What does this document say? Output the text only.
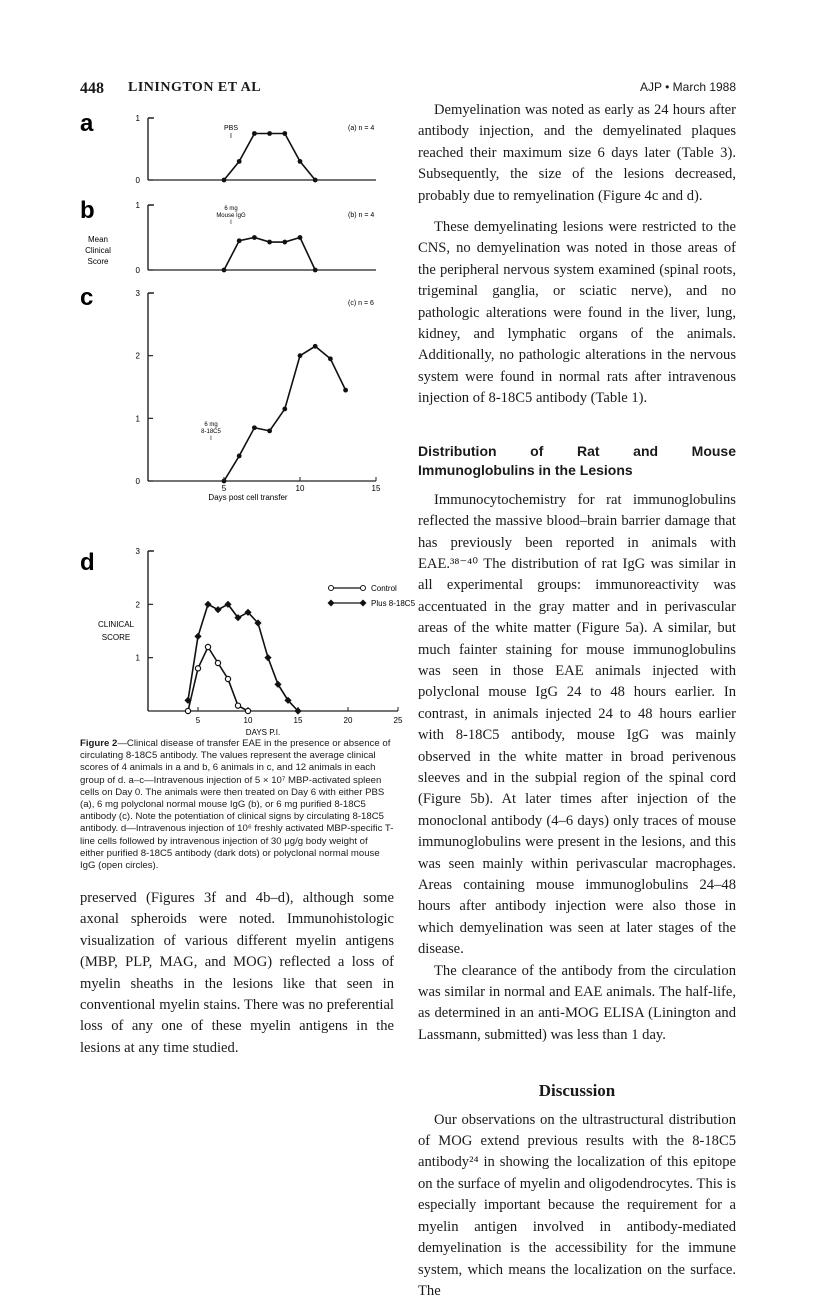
448 LININGTON ET AL	AJP • March 1988
a
b
c
d
0
1
(a) n = 4
0
1
(b) n = 4
0
1
2
3
(c) n = 6
PBS
I
6 mg
Mouse IgG
I
6 mg
8-18C5
I
Mean
Clinical
Score
5	10	15
Days post cell transfer
1
2
3
5	10	15	20	25
CLINICAL
SCORE
DAYS P.I.
Control
Plus 8-18C5
Figure 2—Clinical disease of transfer EAE in the presence or absence of circulating 8-18C5 antibody. The values represent the average clinical scores of 4 animals in a and b, 6 animals in c, and 12 animals in each group of d. a–c—Intravenous injection of 5 × 10⁷ MBP-activated spleen cells on Day 0. The animals were then treated on Day 6 with either PBS (a), 6 mg polyclonal normal mouse IgG (b), or 6 mg purified 8-18C5 antibody (c). Note the potentiation of clinical signs by circulating 8-18C5 antibody. d—Intravenous injection of 10⁶ freshly activated MBP-specific T-line cells followed by intravenous injection of 30 μg/g body weight of either purified 8-18C5 antibody (dark dots) or polyclonal normal mouse IgG (open circles).

preserved (Figures 3f and 4b–d), although some axonal spheroids were noted. Immunohistologic visualization of various different myelin antigens (MBP, PLP, MAG, and MOG) reflected a loss of myelin sheaths in the lesions like that seen in conventional myelin stains. There was no preferential loss of any one of these myelin antigens in the lesions at any time studied.

Demyelination was noted as early as 24 hours after antibody injection, and the demyelinated plaques reached their maximum size 6 days later (Table 3). Subsequently, the size of the lesions decreased, probably due to remyelination (Figure 4c and d).

These demyelinating lesions were restricted to the CNS, no demyelination was noted in those areas of the peripheral nervous system examined (spinal roots, trigeminal ganglia, or sciatic nerve), and no pathologic alterations were found in the liver, lung, kidney, and lymphatic organs of the animals. Additionally, no pathologic alterations in the nervous system were found in normal rats after intravenous injection of 8-18C5 antibody (Table 1).

Distribution of Rat and Mouse Immunoglobulins in the Lesions

Immunocytochemistry for rat immunoglobulins reflected the massive blood–brain barrier damage that has previously been reported in animals with EAE.³⁸⁻⁴⁰ The distribution of rat IgG was similar in all experimental groups: immunoreactivity was accentuated in the gray matter and in perivascular areas of the white matter (Figure 5a). A similar, but much fainter staining for mouse immunoglobulins was seen in those EAE animals injected with polyclonal mouse IgG 24 to 48 hours earlier. In contrast, in animals injected 24 to 48 hours earlier with 8-18C5 antibody, mouse IgG was mainly observed in the white matter in broad perivenous sleeves and in the subpial region of the spinal cord (Figure 5b). At later times after injection of the monoclonal antibody (4–6 days) only traces of mouse immunoglobulins were present in the lesions, and this was seen mainly within perivascular macrophages. Areas containing mouse immunoglobulins 24–48 hours after antibody injection were also those in which demyelination was seen at later stages of the disease.

The clearance of the antibody from the circulation was similar in normal and EAE animals. The half-life, as determined in an anti-MOG ELISA (Linington and Lassmann, submitted) was less than 1 day.

Discussion

Our observations on the ultrastructural distribution of MOG extend previous results with the 8-18C5 antibody²⁴ in showing the localization of this epitope on the surface of myelin and oligodendrocytes. This is especially important because the requirement for a myelin antigen involved in antibody-mediated demyelination is the accessibility for the immune system, which means the localization on the surface. The
